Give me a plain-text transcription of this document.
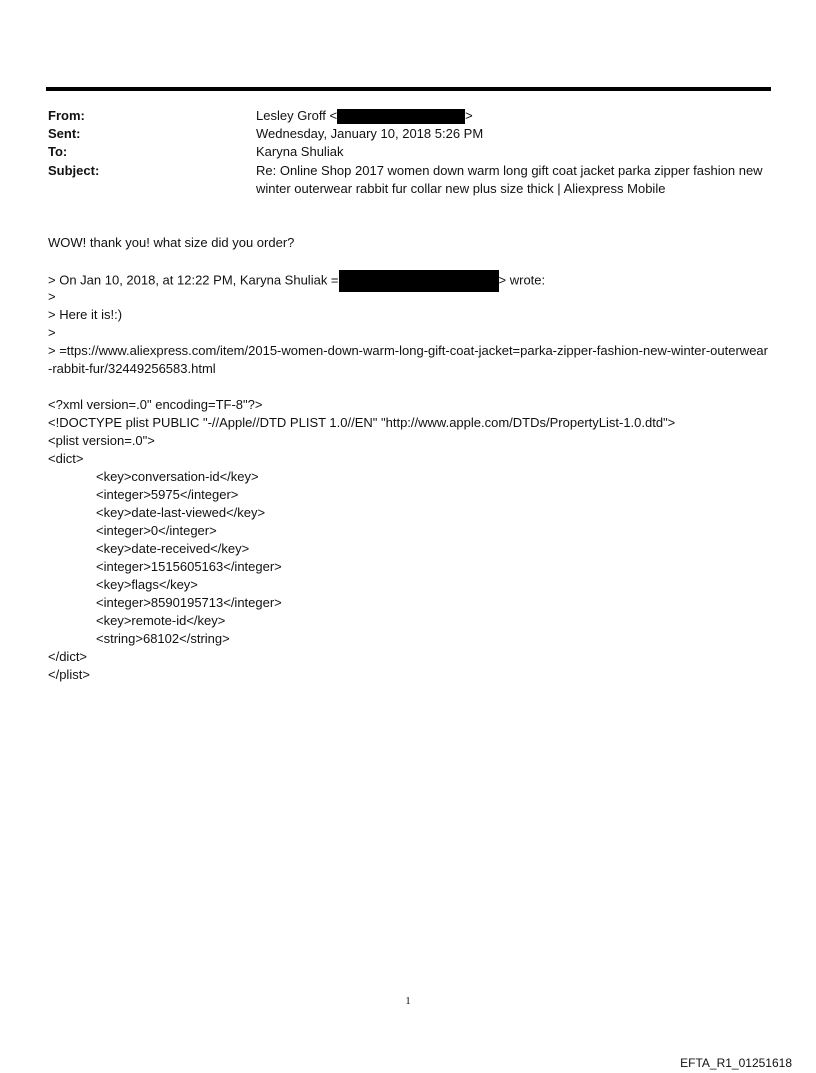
From:	Lesley Groff <	>
Sent:	Wednesday, January 10, 2018 5:26 PM
To:	Karyna Shuliak
Subject:	Re: Online Shop 2017 women down warm long gift coat jacket parka zipper fashion new winter outerwear rabbit fur collar new plus size thick | Aliexpress Mobile
WOW! thank you! what size did you order?
> On Jan 10, 2018, at 12:22 PM, Karyna Shuliak =	> wrote:
>
> Here it is!:)
>
> =ttps://www.aliexpress.com/item/2015-women-down-warm-long-gift-coat-jacket=parka-zipper-fashion-new-winter-outerwear-rabbit-fur/32449256583.html
<?xml version=.0" encoding=TF-8"?>
<!DOCTYPE plist PUBLIC "-//Apple//DTD PLIST 1.0//EN" "http://www.apple.com/DTDs/PropertyList-1.0.dtd">
<plist version=.0">
<dict>
<key>conversation-id</key>
<integer>5975</integer>
<key>date-last-viewed</key>
<integer>0</integer>
<key>date-received</key>
<integer>1515605163</integer>
<key>flags</key>
<integer>8590195713</integer>
<key>remote-id</key>
<string>68102</string>
</dict>
</plist>
1
EFTA_R1_01251618
